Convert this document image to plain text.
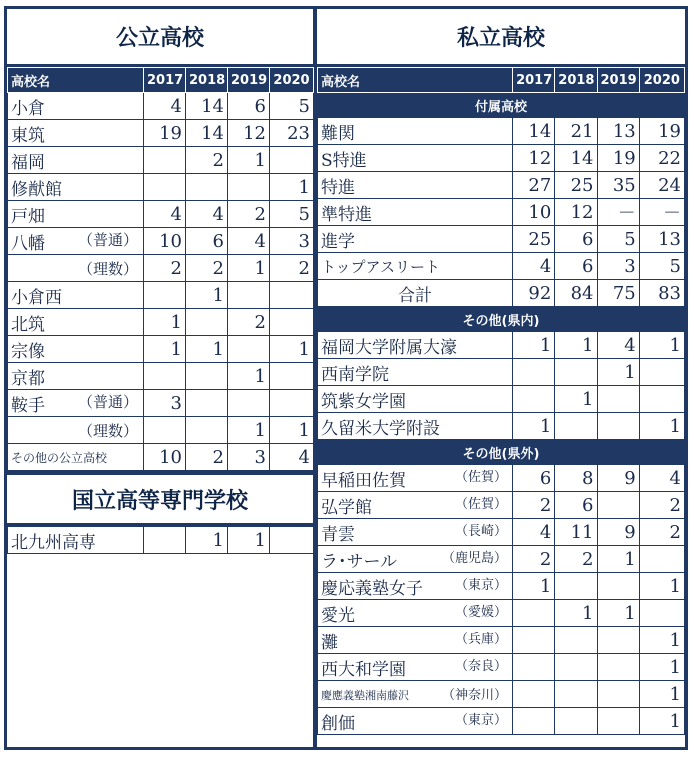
公立高校
高校名	2017	2018	2019	2020
小倉	4	14	6	5
東筑	19	14	12	23
福岡		2	1	
修猷館				1
戸畑	4	4	2	5
八幡 （普通）	10	6	4	3

（理数）	2	2	1	2
小倉西		1		
北筑	1		2	
宗像	1	1		1
京都			1	
鞍手 （普通）	3			

（理数）			1	1
その他の公立高校	10	2	3	4
国立高等専門学校
北九州高専		1	1	
私立高校
高校名	2017	2018	2019	2020
付属高校				
難関	14	21	13	19
S特進	12	14	19	22
特進	27	25	35	24
準特進	10	12	－	－
進学	25	6	5	13
トップアスリート	4	6	3	5
合計	92	84	75	83
その他(県内)				
福岡大学附属大濠	1	1	4	1
西南学院			1	
筑紫女学園		1		
久留米大学附設	1			1
その他(県外)				
早稲田佐賀 （佐賀）	6	8	9	4
弘学館 （佐賀）	2	6		2
青雲 （長崎）	4	11	9	2
ラ･サール （鹿児島）	2	2	1	
慶応義塾女子 （東京）	1			1
愛光 （愛媛）		1	1	
灘 （兵庫）				1
西大和学園 （奈良）				1
慶應義塾湘南藤沢 （神奈川）				1
創価 （東京）				1
